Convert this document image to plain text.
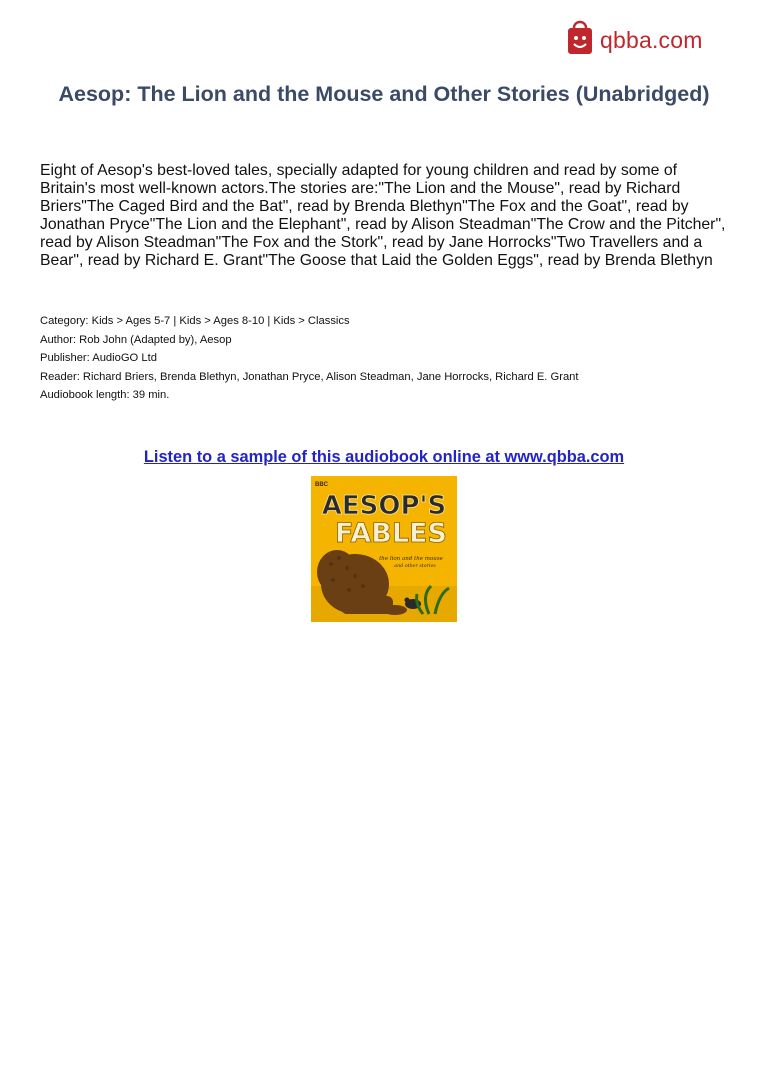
qbba.com
Aesop: The Lion and the Mouse and Other Stories (Unabridged)
Eight of Aesop's best-loved tales, specially adapted for young children and read by some of Britain's most well-known actors.The stories are:"The Lion and the Mouse", read by Richard Briers"The Caged Bird and the Bat", read by Brenda Blethyn"The Fox and the Goat", read by Jonathan Pryce"The Lion and the Elephant", read by Alison Steadman"The Crow and the Pitcher", read by Alison Steadman"The Fox and the Stork", read by Jane Horrocks"Two Travellers and a Bear", read by Richard E. Grant"The Goose that Laid the Golden Eggs", read by Brenda Blethyn
Category: Kids > Ages 5-7 | Kids > Ages 8-10 | Kids > Classics
Author: Rob John (Adapted by), Aesop
Publisher: AudioGO Ltd
Reader: Richard Briers, Brenda Blethyn, Jonathan Pryce, Alison Steadman, Jane Horrocks, Richard E. Grant
Audiobook length: 39 min.
Listen to a sample of this audiobook online at www.qbba.com
BBC
AESOP'S
FABLES
the lion and the mouse
and other stories
